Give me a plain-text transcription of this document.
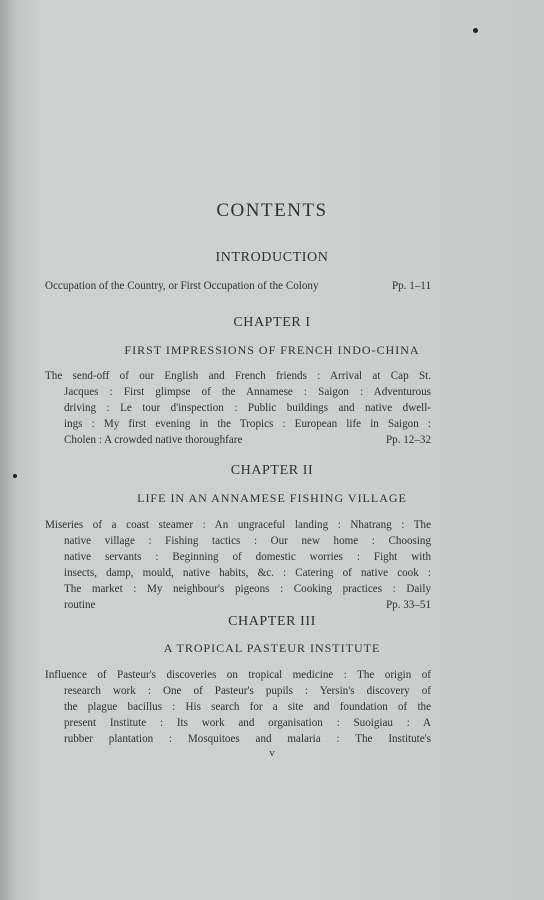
CONTENTS
INTRODUCTION
Occupation of the Country, or First Occupation of the Colony	Pp. 1–11
CHAPTER I
FIRST IMPRESSIONS OF FRENCH INDO-CHINA
The send-off of our English and French friends : Arrival at Cap St.
Jacques : First glimpse of the Annamese : Saigon : Adventurous
driving : Le tour d'inspection : Public buildings and native dwell-
ings : My first evening in the Tropics : European life in Saigon :
Cholen : A crowded native thoroughfare	Pp. 12–32
CHAPTER II
LIFE IN AN ANNAMESE FISHING VILLAGE
Miseries of a coast steamer : An ungraceful landing : Nhatrang : The
native village : Fishing tactics : Our new home : Choosing
native servants : Beginning of domestic worries : Fight with
insects, damp, mould, native habits, &c. : Catering of native cook :
The market : My neighbour's pigeons : Cooking practices : Daily
routine	Pp. 33–51
CHAPTER III
A TROPICAL PASTEUR INSTITUTE
Influence of Pasteur's discoveries on tropical medicine : The origin of
research work : One of Pasteur's pupils : Yersin's discovery of
the plague bacillus : His search for a site and foundation of the
present Institute : Its work and organisation : Suoigiau : A
rubber plantation : Mosquitoes and malaria : The Institute's
v
